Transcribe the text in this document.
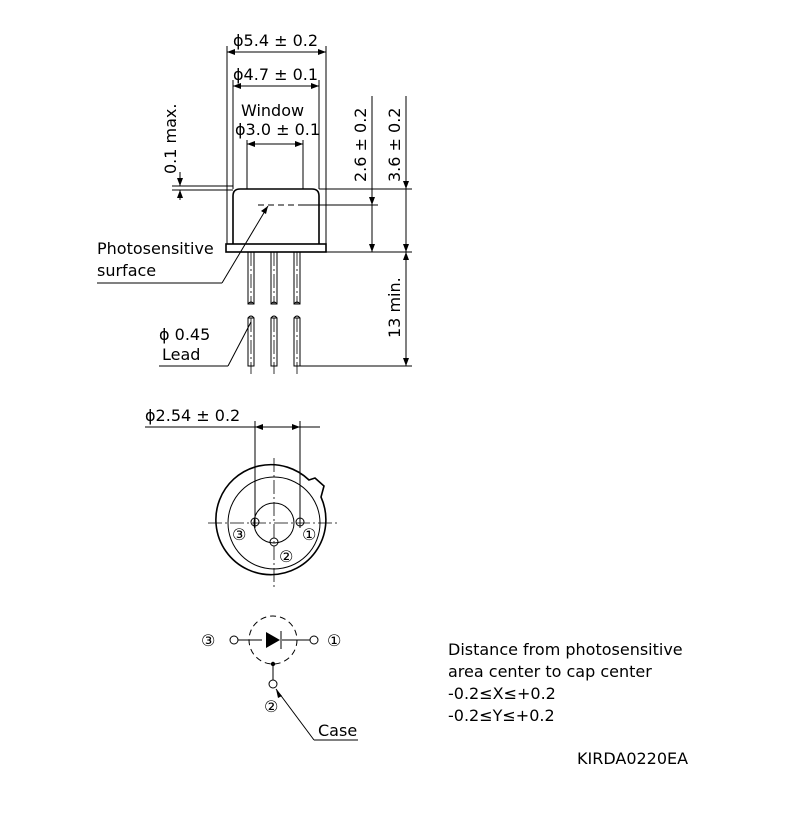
ϕ5.4 ± 0.2
ϕ4.7 ± 0.1
Window
ϕ3.0 ± 0.1
0.1 max.	2.6 ± 0.2 3.6 ± 0.2
13 min.
Photosensitive
surface
ϕ 0.45
Lead
ϕ2.54 ± 0.2
①
②
③
①
③
②
Case
Distance from photosensitive
area center to cap center
-0.2≤X≤+0.2
-0.2≤Y≤+0.2
KIRDA0220EA
